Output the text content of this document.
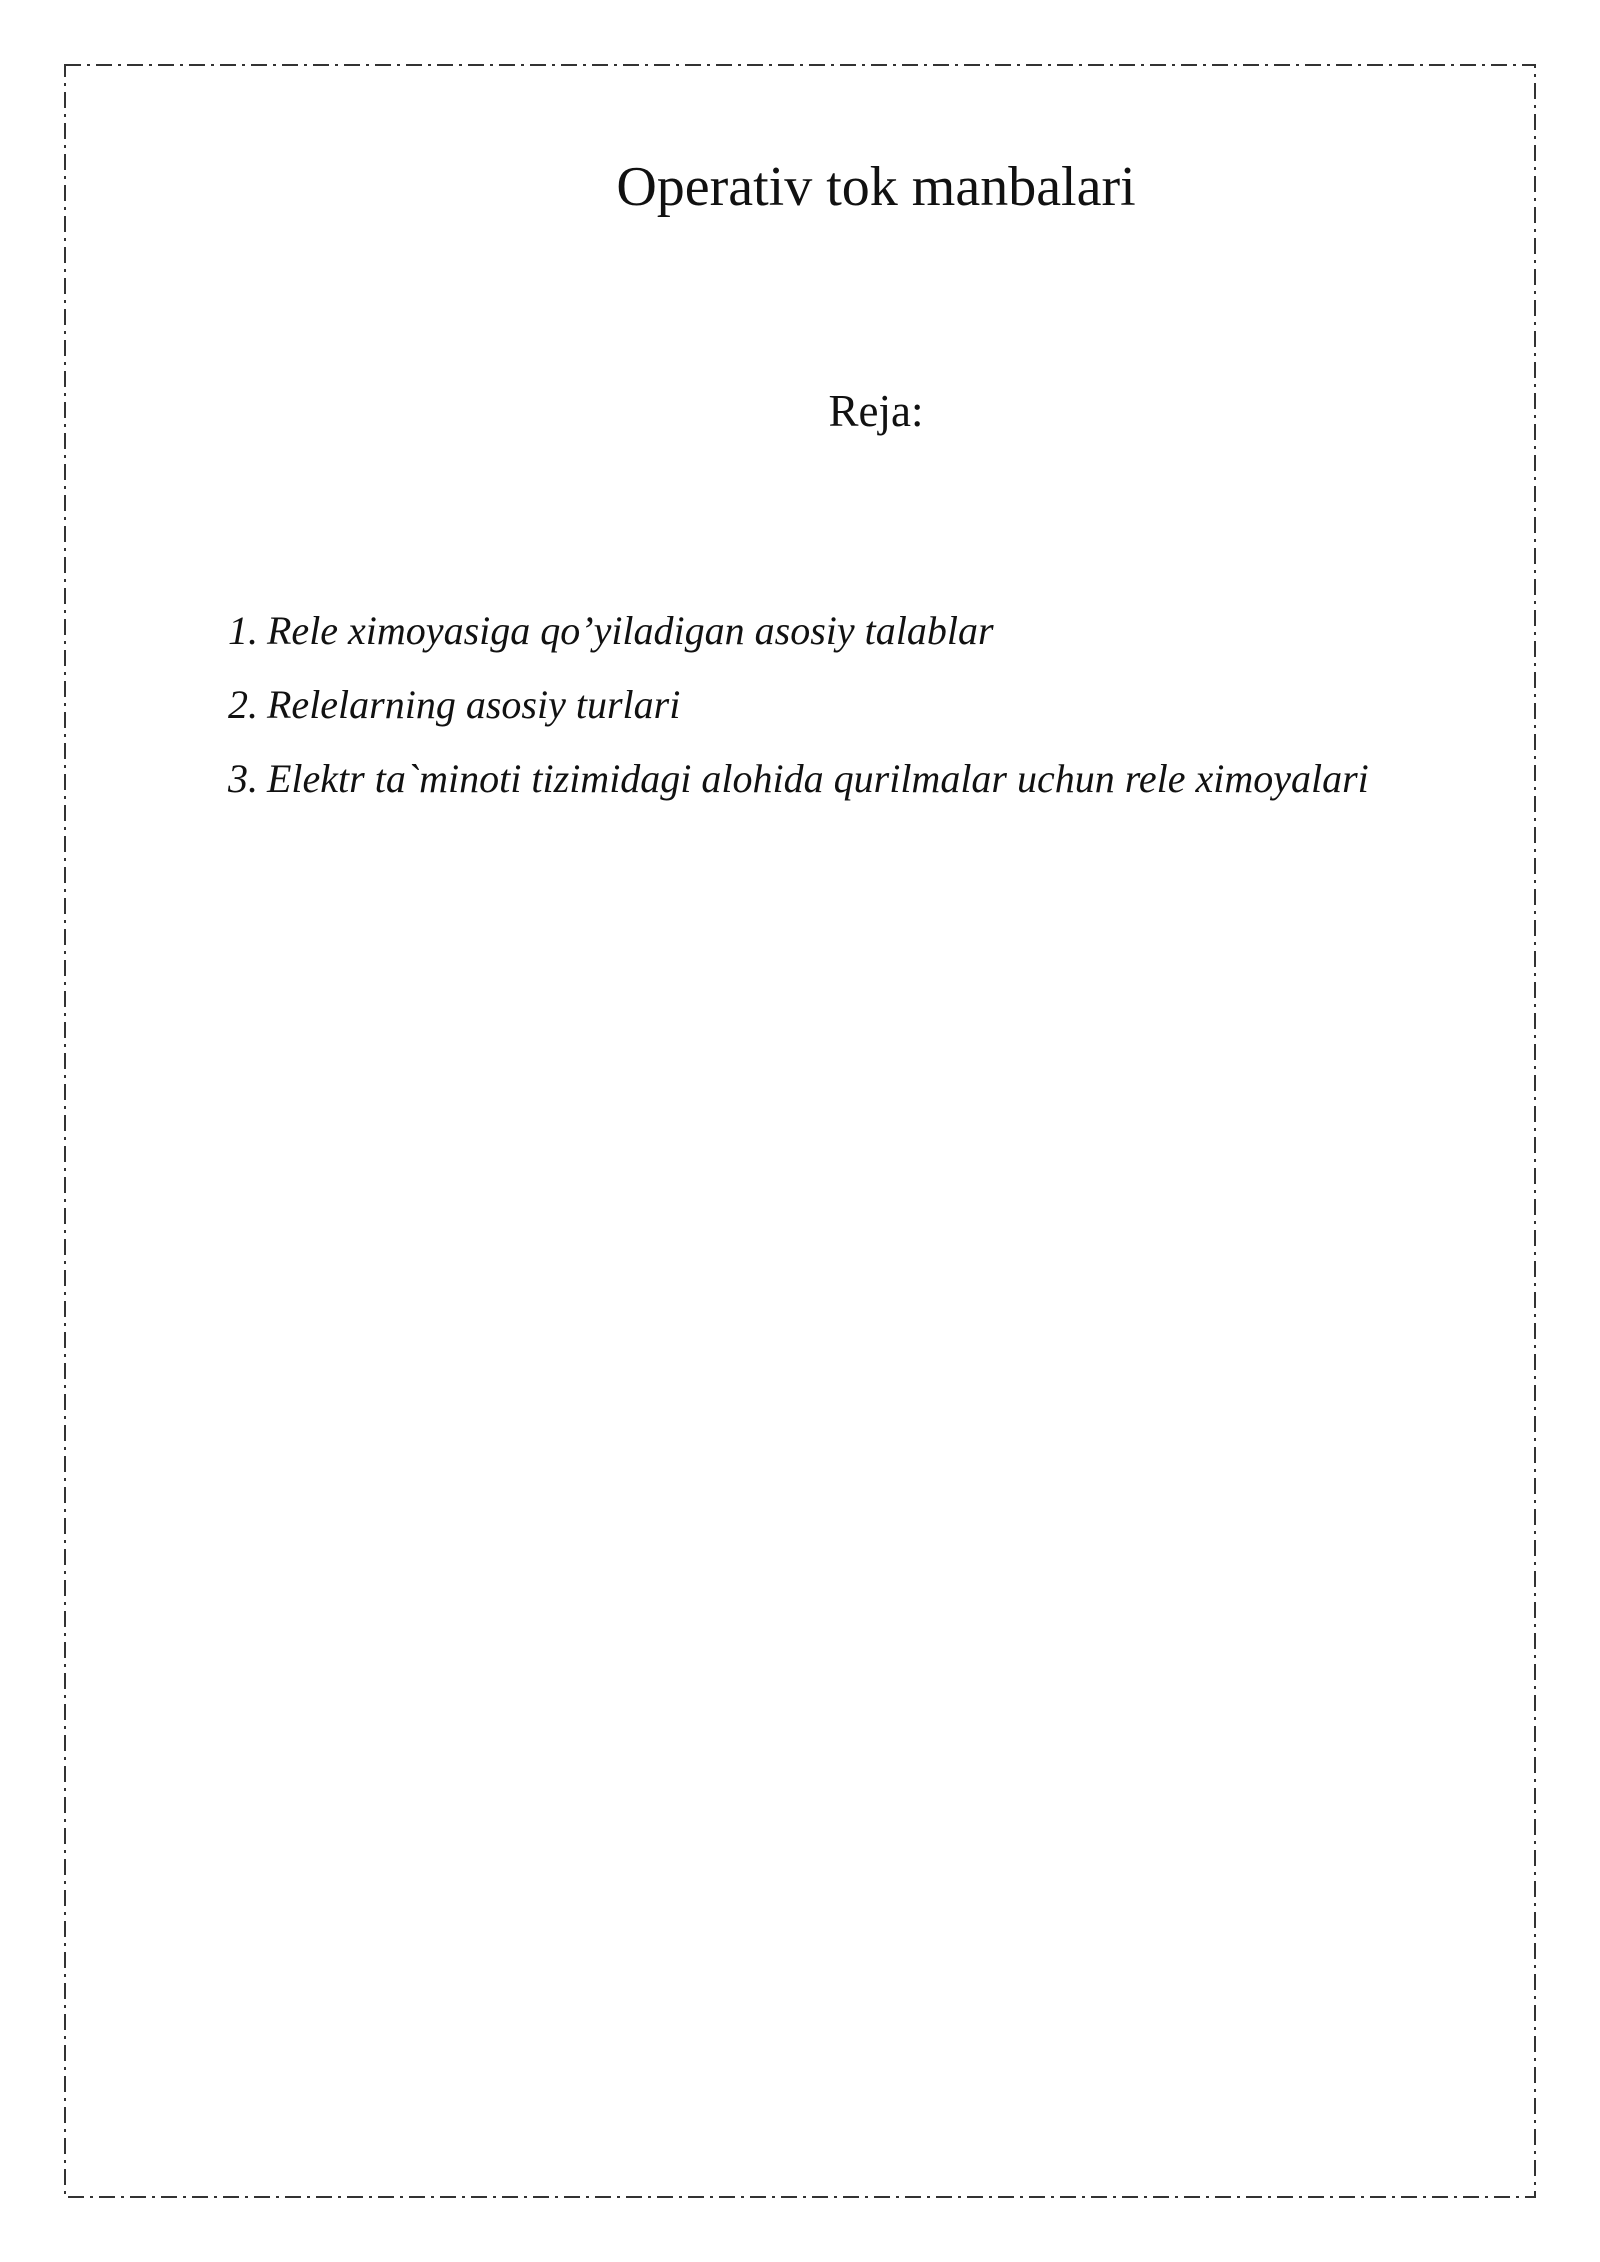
Operativ tok manbalari
Reja:
1. Rele ximoyasiga qo’yiladigan asosiy talablar
2. Relelarning asosiy turlari
3. Elektr ta`minoti tizimidagi alohida qurilmalar uchun rele ximoyalari
